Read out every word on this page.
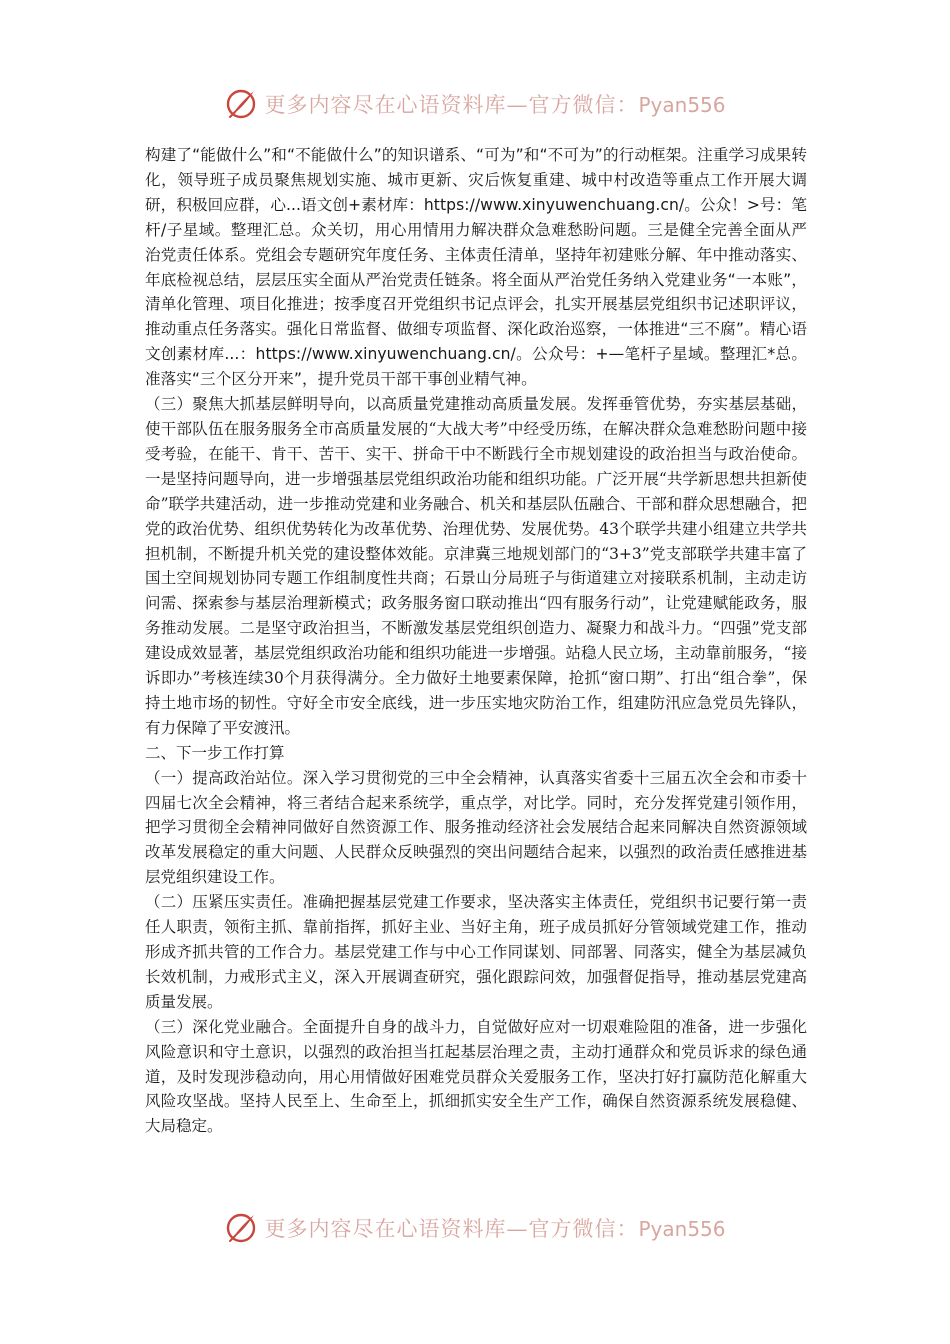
更多内容尽在心语资料库—官方微信：Pyan556

构建了“能做什么”和“不能做什么”的知识谱系、“可为”和“不可为”的行动框架。注重学习成果转化，领导班子成员聚焦规划实施、城市更新、灾后恢复重建、城中村改造等重点工作开展大调研，积极回应群，心...语文创+素材库：https://www.xinyuwenchuang.cn/。公众！>号：笔杆/子星域。整理汇总。众关切，用心用情用力解决群众急难愁盼问题。三是健全完善全面从严治党责任体系。党组会专题研究年度任务、主体责任清单，坚持年初建账分解、年中推动落实、年底检视总结，层层压实全面从严治党责任链条。将全面从严治党任务纳入党建业务“一本账”，清单化管理、项目化推进；按季度召开党组织书记点评会，扎实开展基层党组织书记述职评议，推动重点任务落实。强化日常监督、做细专项监督、深化政治巡察，一体推进“三不腐”。精心语文创素材库...：https://www.xinyuwenchuang.cn/。公众号：+—笔杆子星域。整理汇*总。准落实“三个区分开来”，提升党员干部干事创业精气神。

（三）聚焦大抓基层鲜明导向，以高质量党建推动高质量发展。发挥垂管优势，夯实基层基础，使干部队伍在服务服务全市高质量发展的“大战大考”中经受历练，在解决群众急难愁盼问题中接受考验，在能干、肯干、苦干、实干、拼命干中不断践行全市规划建设的政治担当与政治使命。一是坚持问题导向，进一步增强基层党组织政治功能和组织功能。广泛开展“共学新思想共担新使命”联学共建活动，进一步推动党建和业务融合、机关和基层队伍融合、干部和群众思想融合，把党的政治优势、组织优势转化为改革优势、治理优势、发展优势。43个联学共建小组建立共学共担机制，不断提升机关党的建设整体效能。京津冀三地规划部门的“3+3”党支部联学共建丰富了国土空间规划协同专题工作组制度性共商；石景山分局班子与街道建立对接联系机制，主动走访问需、探索参与基层治理新模式；政务服务窗口联动推出“四有服务行动”，让党建赋能政务，服务推动发展。二是坚守政治担当，不断激发基层党组织创造力、凝聚力和战斗力。“四强”党支部建设成效显著，基层党组织政治功能和组织功能进一步增强。站稳人民立场，主动靠前服务，“接诉即办”考核连续30个月获得满分。全力做好土地要素保障，抢抓“窗口期”、打出“组合拳”，保持土地市场的韧性。守好全市安全底线，进一步压实地灾防治工作，组建防汛应急党员先锋队，有力保障了平安渡汛。

二、下一步工作打算

（一）提高政治站位。深入学习贯彻党的三中全会精神，认真落实省委十三届五次全会和市委十四届七次全会精神，将三者结合起来系统学，重点学，对比学。同时，充分发挥党建引领作用，把学习贯彻全会精神同做好自然资源工作、服务推动经济社会发展结合起来同解决自然资源领域改革发展稳定的重大问题、人民群众反映强烈的突出问题结合起来，以强烈的政治责任感推进基层党组织建设工作。

（二）压紧压实责任。准确把握基层党建工作要求，坚决落实主体责任，党组织书记要行第一责任人职责，领衔主抓、靠前指挥，抓好主业、当好主角，班子成员抓好分管领域党建工作，推动形成齐抓共管的工作合力。基层党建工作与中心工作同谋划、同部署、同落实，健全为基层减负长效机制，力戒形式主义，深入开展调查研究，强化跟踪问效，加强督促指导，推动基层党建高质量发展。

（三）深化党业融合。全面提升自身的战斗力，自觉做好应对一切艰难险阻的准备，进一步强化风险意识和守土意识，以强烈的政治担当扛起基层治理之责，主动打通群众和党员诉求的绿色通道，及时发现涉稳动向，用心用情做好困难党员群众关爱服务工作，坚决打好打赢防范化解重大风险攻坚战。坚持人民至上、生命至上，抓细抓实安全生产工作，确保自然资源系统发展稳健、大局稳定。

更多内容尽在心语资料库—官方微信：Pyan556
